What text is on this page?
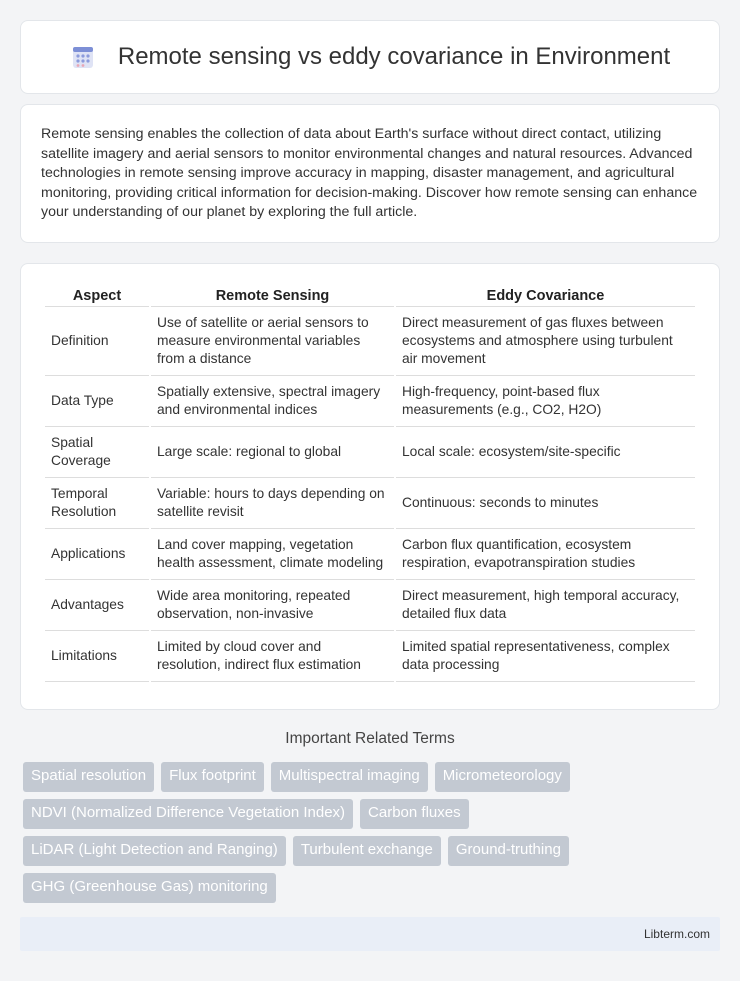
Remote sensing vs eddy covariance in Environment

Remote sensing enables the collection of data about Earth's surface without direct contact, utilizing satellite imagery and aerial sensors to monitor environmental changes and natural resources. Advanced technologies in remote sensing improve accuracy in mapping, disaster management, and agricultural monitoring, providing critical information for decision-making. Discover how remote sensing can enhance your understanding of our planet by exploring the full article.

Aspect	Remote Sensing	Eddy Covariance
Definition	Use of satellite or aerial sensors to measure environmental variables from a distance	Direct measurement of gas fluxes between ecosystems and atmosphere using turbulent air movement
Data Type	Spatially extensive, spectral imagery and environmental indices	High-frequency, point-based flux measurements (e.g., CO2, H2O)
Spatial Coverage	Large scale: regional to global	Local scale: ecosystem/site-specific
Temporal Resolution	Variable: hours to days depending on satellite revisit	Continuous: seconds to minutes
Applications	Land cover mapping, vegetation health assessment, climate modeling	Carbon flux quantification, ecosystem respiration, evapotranspiration studies
Advantages	Wide area monitoring, repeated observation, non-invasive	Direct measurement, high temporal accuracy, detailed flux data
Limitations	Limited by cloud cover and resolution, indirect flux estimation	Limited spatial representativeness, complex data processing
Important Related Terms
Spatial resolution	Flux footprint	Multispectral imaging	Micrometeorology
NDVI (Normalized Difference Vegetation Index)	Carbon fluxes
LiDAR (Light Detection and Ranging)	Turbulent exchange	Ground-truthing
GHG (Greenhouse Gas) monitoring
Libterm.com
